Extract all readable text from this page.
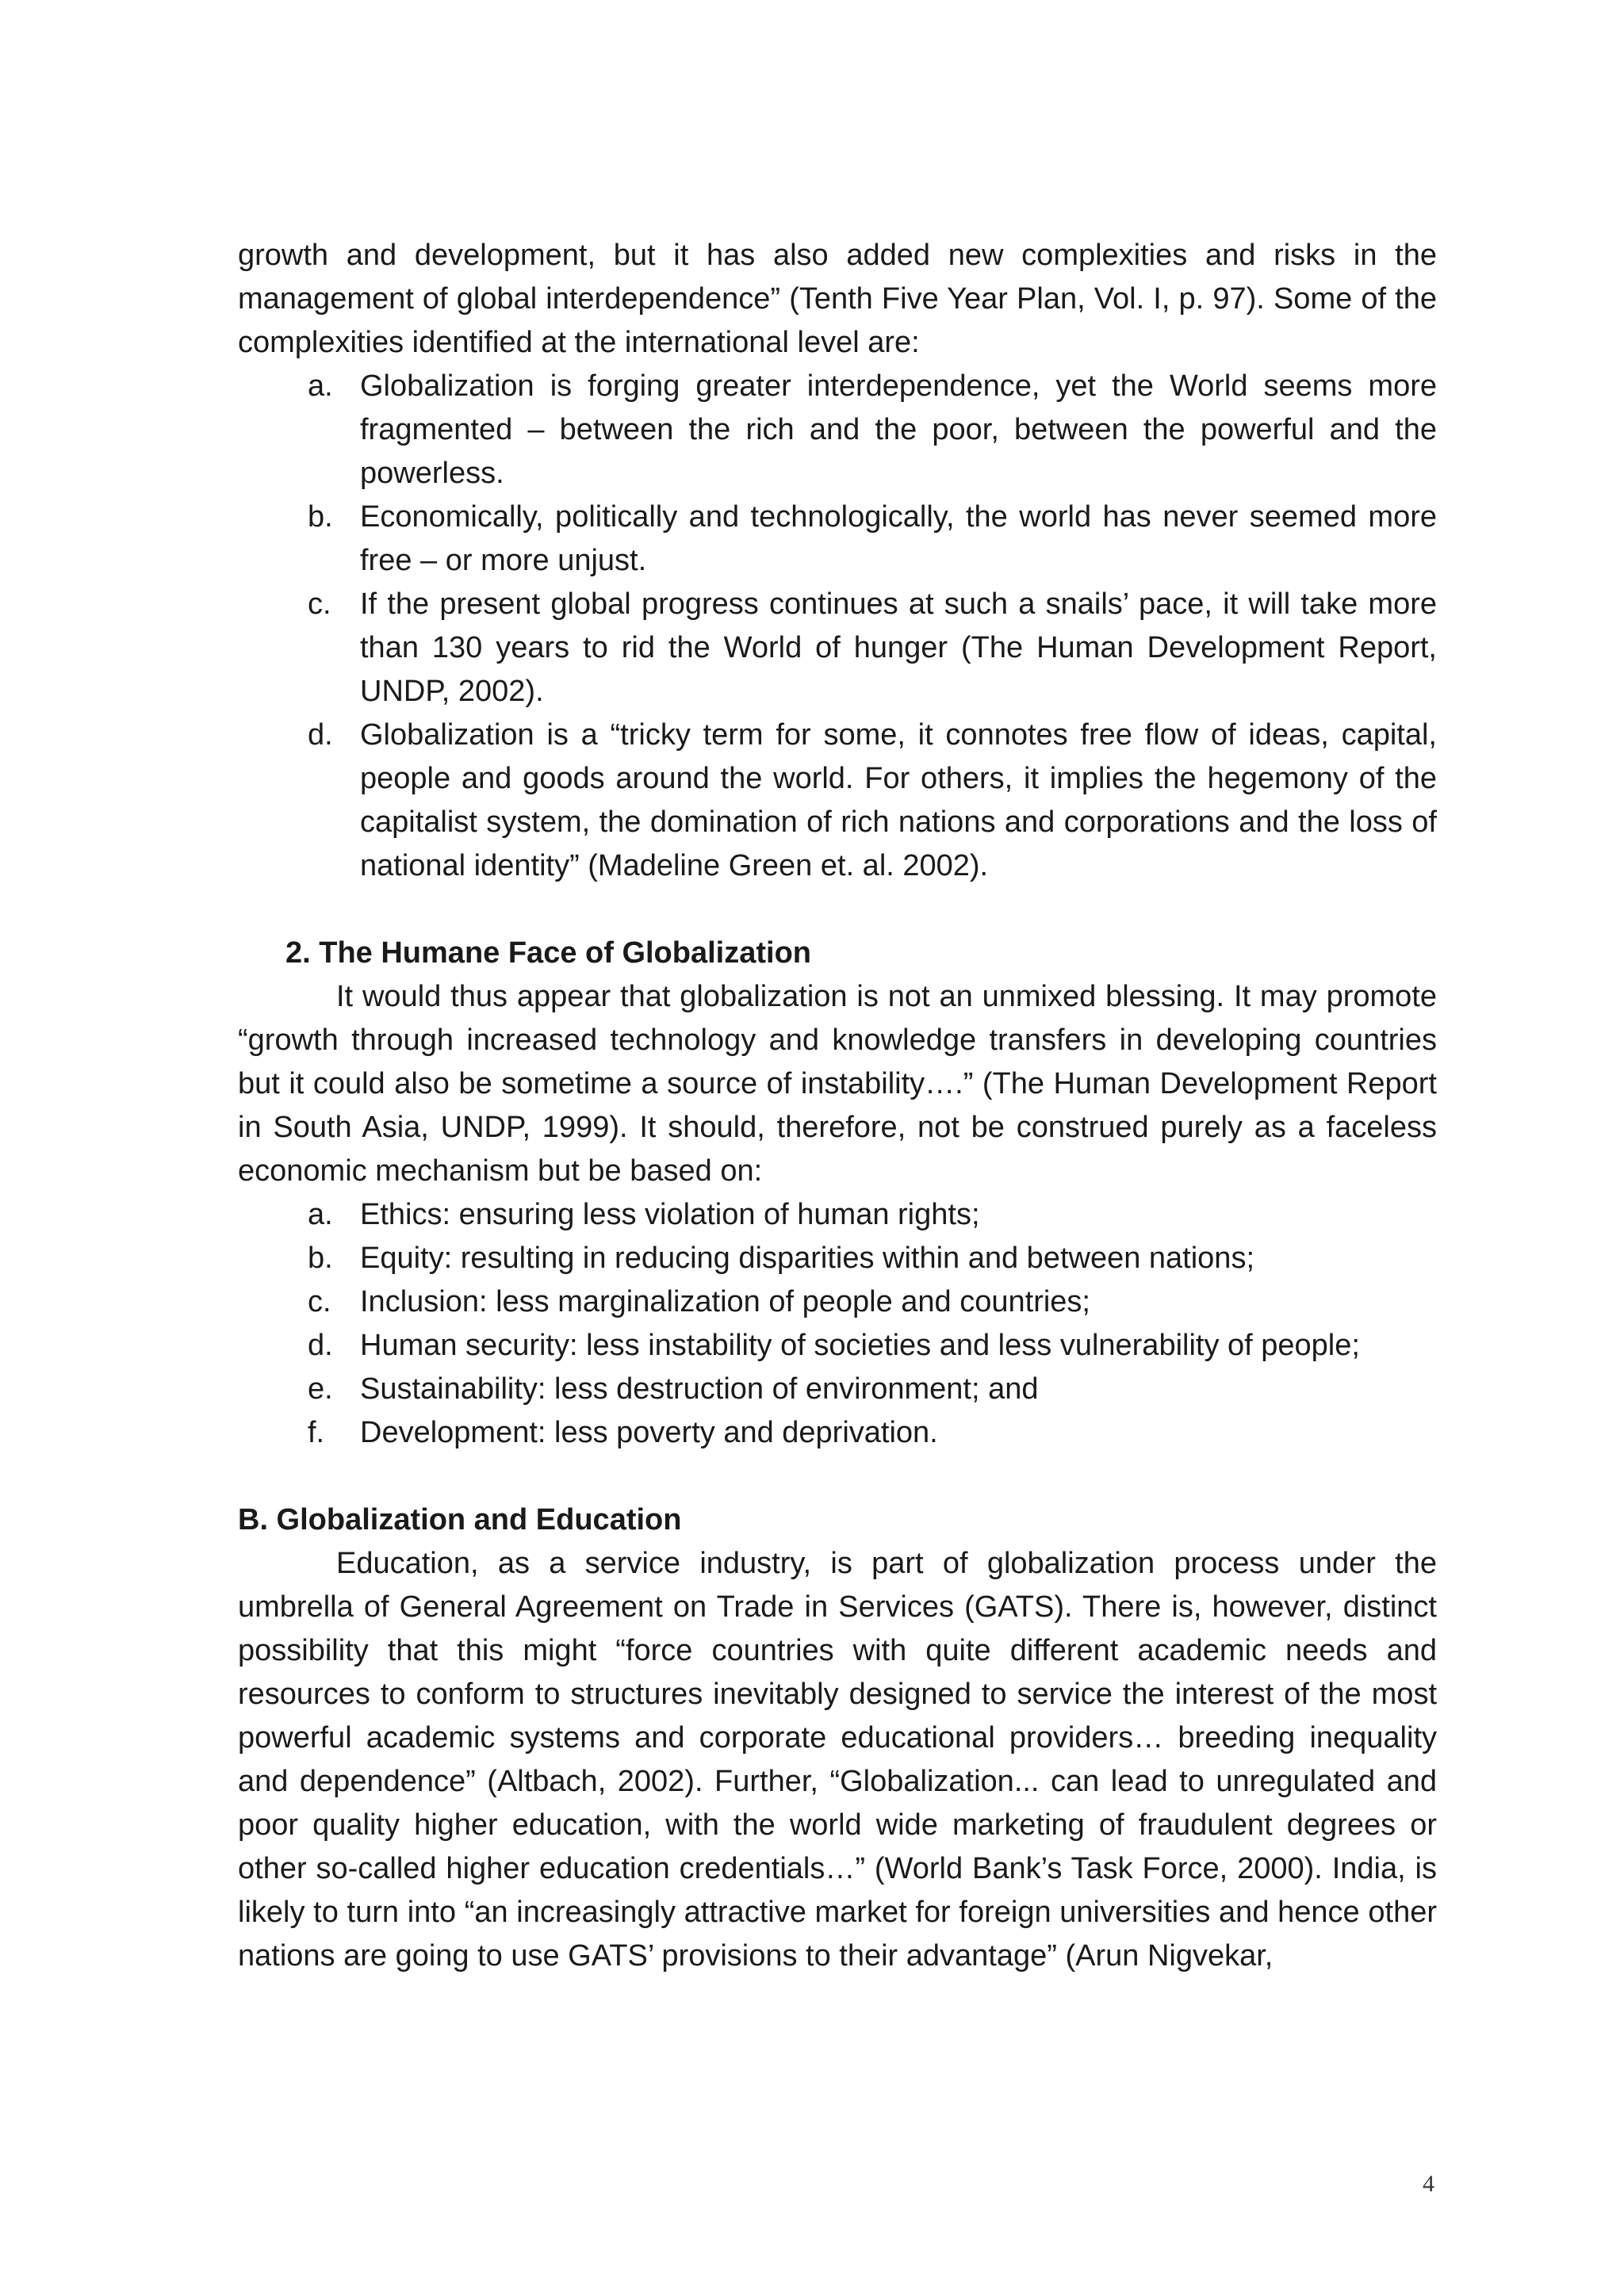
growth and development, but it has also added new complexities and risks in the management of global interdependence” (Tenth Five Year Plan, Vol. I, p. 97). Some of the complexities identified at the international level are:

a. Globalization is forging greater interdependence, yet the World seems more fragmented – between the rich and the poor, between the powerful and the powerless.
b. Economically, politically and technologically, the world has never seemed more free – or more unjust.
c. If the present global progress continues at such a snails’ pace, it will take more than 130 years to rid the World of hunger (The Human Development Report, UNDP, 2002).
d. Globalization is a “tricky term for some, it connotes free flow of ideas, capital, people and goods around the world. For others, it implies the hegemony of the capitalist system, the domination of rich nations and corporations and the loss of national identity” (Madeline Green et. al. 2002).
2. The Humane Face of Globalization

It would thus appear that globalization is not an unmixed blessing. It may promote “growth through increased technology and knowledge transfers in developing countries but it could also be sometime a source of instability….” (The Human Development Report in South Asia, UNDP, 1999). It should, therefore, not be construed purely as a faceless economic mechanism but be based on:

a. Ethics: ensuring less violation of human rights;
b. Equity: resulting in reducing disparities within and between nations;
c. Inclusion: less marginalization of people and countries;
d. Human security: less instability of societies and less vulnerability of people;
e. Sustainability: less destruction of environment; and
f. Development: less poverty and deprivation.
B. Globalization and Education

Education, as a service industry, is part of globalization process under the umbrella of General Agreement on Trade in Services (GATS). There is, however, distinct possibility that this might “force countries with quite different academic needs and resources to conform to structures inevitably designed to service the interest of the most powerful academic systems and corporate educational providers… breeding inequality and dependence” (Altbach, 2002). Further, “Globalization... can lead to unregulated and poor quality higher education, with the world wide marketing of fraudulent degrees or other so-called higher education credentials…” (World Bank’s Task Force, 2000). India, is likely to turn into “an increasingly attractive market for foreign universities and hence other nations are going to use GATS’ provisions to their advantage” (Arun Nigvekar,

4
